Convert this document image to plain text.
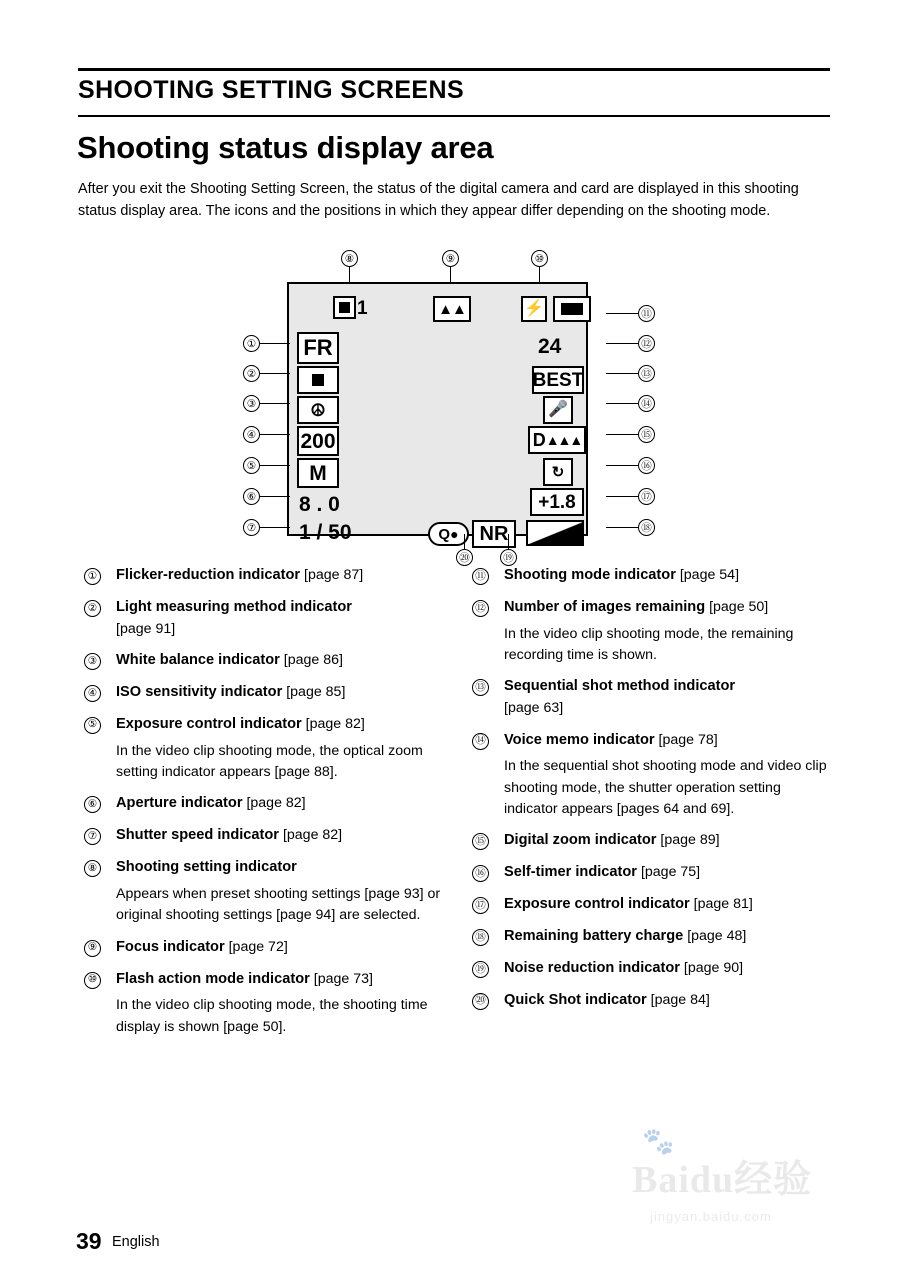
SHOOTING SETTING SCREENS
Shooting status display area
After you exit the Shooting Setting Screen, the status of the digital camera and card are displayed in this shooting status display area. The icons and the positions in which they appear differ depending on the shooting mode.
⑧	⑨	⑩
1	▲▲	⚡
FR
☮
200
M
8 . 0
1 / 50
24
BEST
🎤
D ▲▲▲
↻
+1.8
NR
Q ●
①
②
③
④
⑤
⑥
⑦
⑪
⑫
⑬
⑭
⑮
⑯
⑰
⑱
⑲
⑳
① Flicker-reduction indicator [page 87]
② Light measuring method indicator
[page 91]
③ White balance indicator [page 86]
④ ISO sensitivity indicator [page 85]
⑤ Exposure control indicator [page 82]
In the video clip shooting mode, the optical zoom setting indicator appears [page 88].
⑥ Aperture indicator [page 82]
⑦ Shutter speed indicator [page 82]
⑧ Shooting setting indicator
Appears when preset shooting settings [page 93] or original shooting settings [page 94] are selected.
⑨ Focus indicator [page 72]
⑩ Flash action mode indicator [page 73]
In the video clip shooting mode, the shooting time display is shown [page 50].
⑪ Shooting mode indicator [page 54]
⑫ Number of images remaining [page 50]
In the video clip shooting mode, the remaining recording time is shown.
⑬ Sequential shot method indicator
[page 63]
⑭ Voice memo indicator [page 78]
In the sequential shot shooting mode and video clip shooting mode, the shutter operation setting indicator appears [pages 64 and 69].
⑮ Digital zoom indicator [page 89]
⑯ Self-timer indicator [page 75]
⑰ Exposure control indicator [page 81]
⑱ Remaining battery charge [page 48]
⑲ Noise reduction indicator [page 90]
⑳ Quick Shot indicator [page 84]
🐾
Baidu经验
jingyan.baidu.com
39 English
